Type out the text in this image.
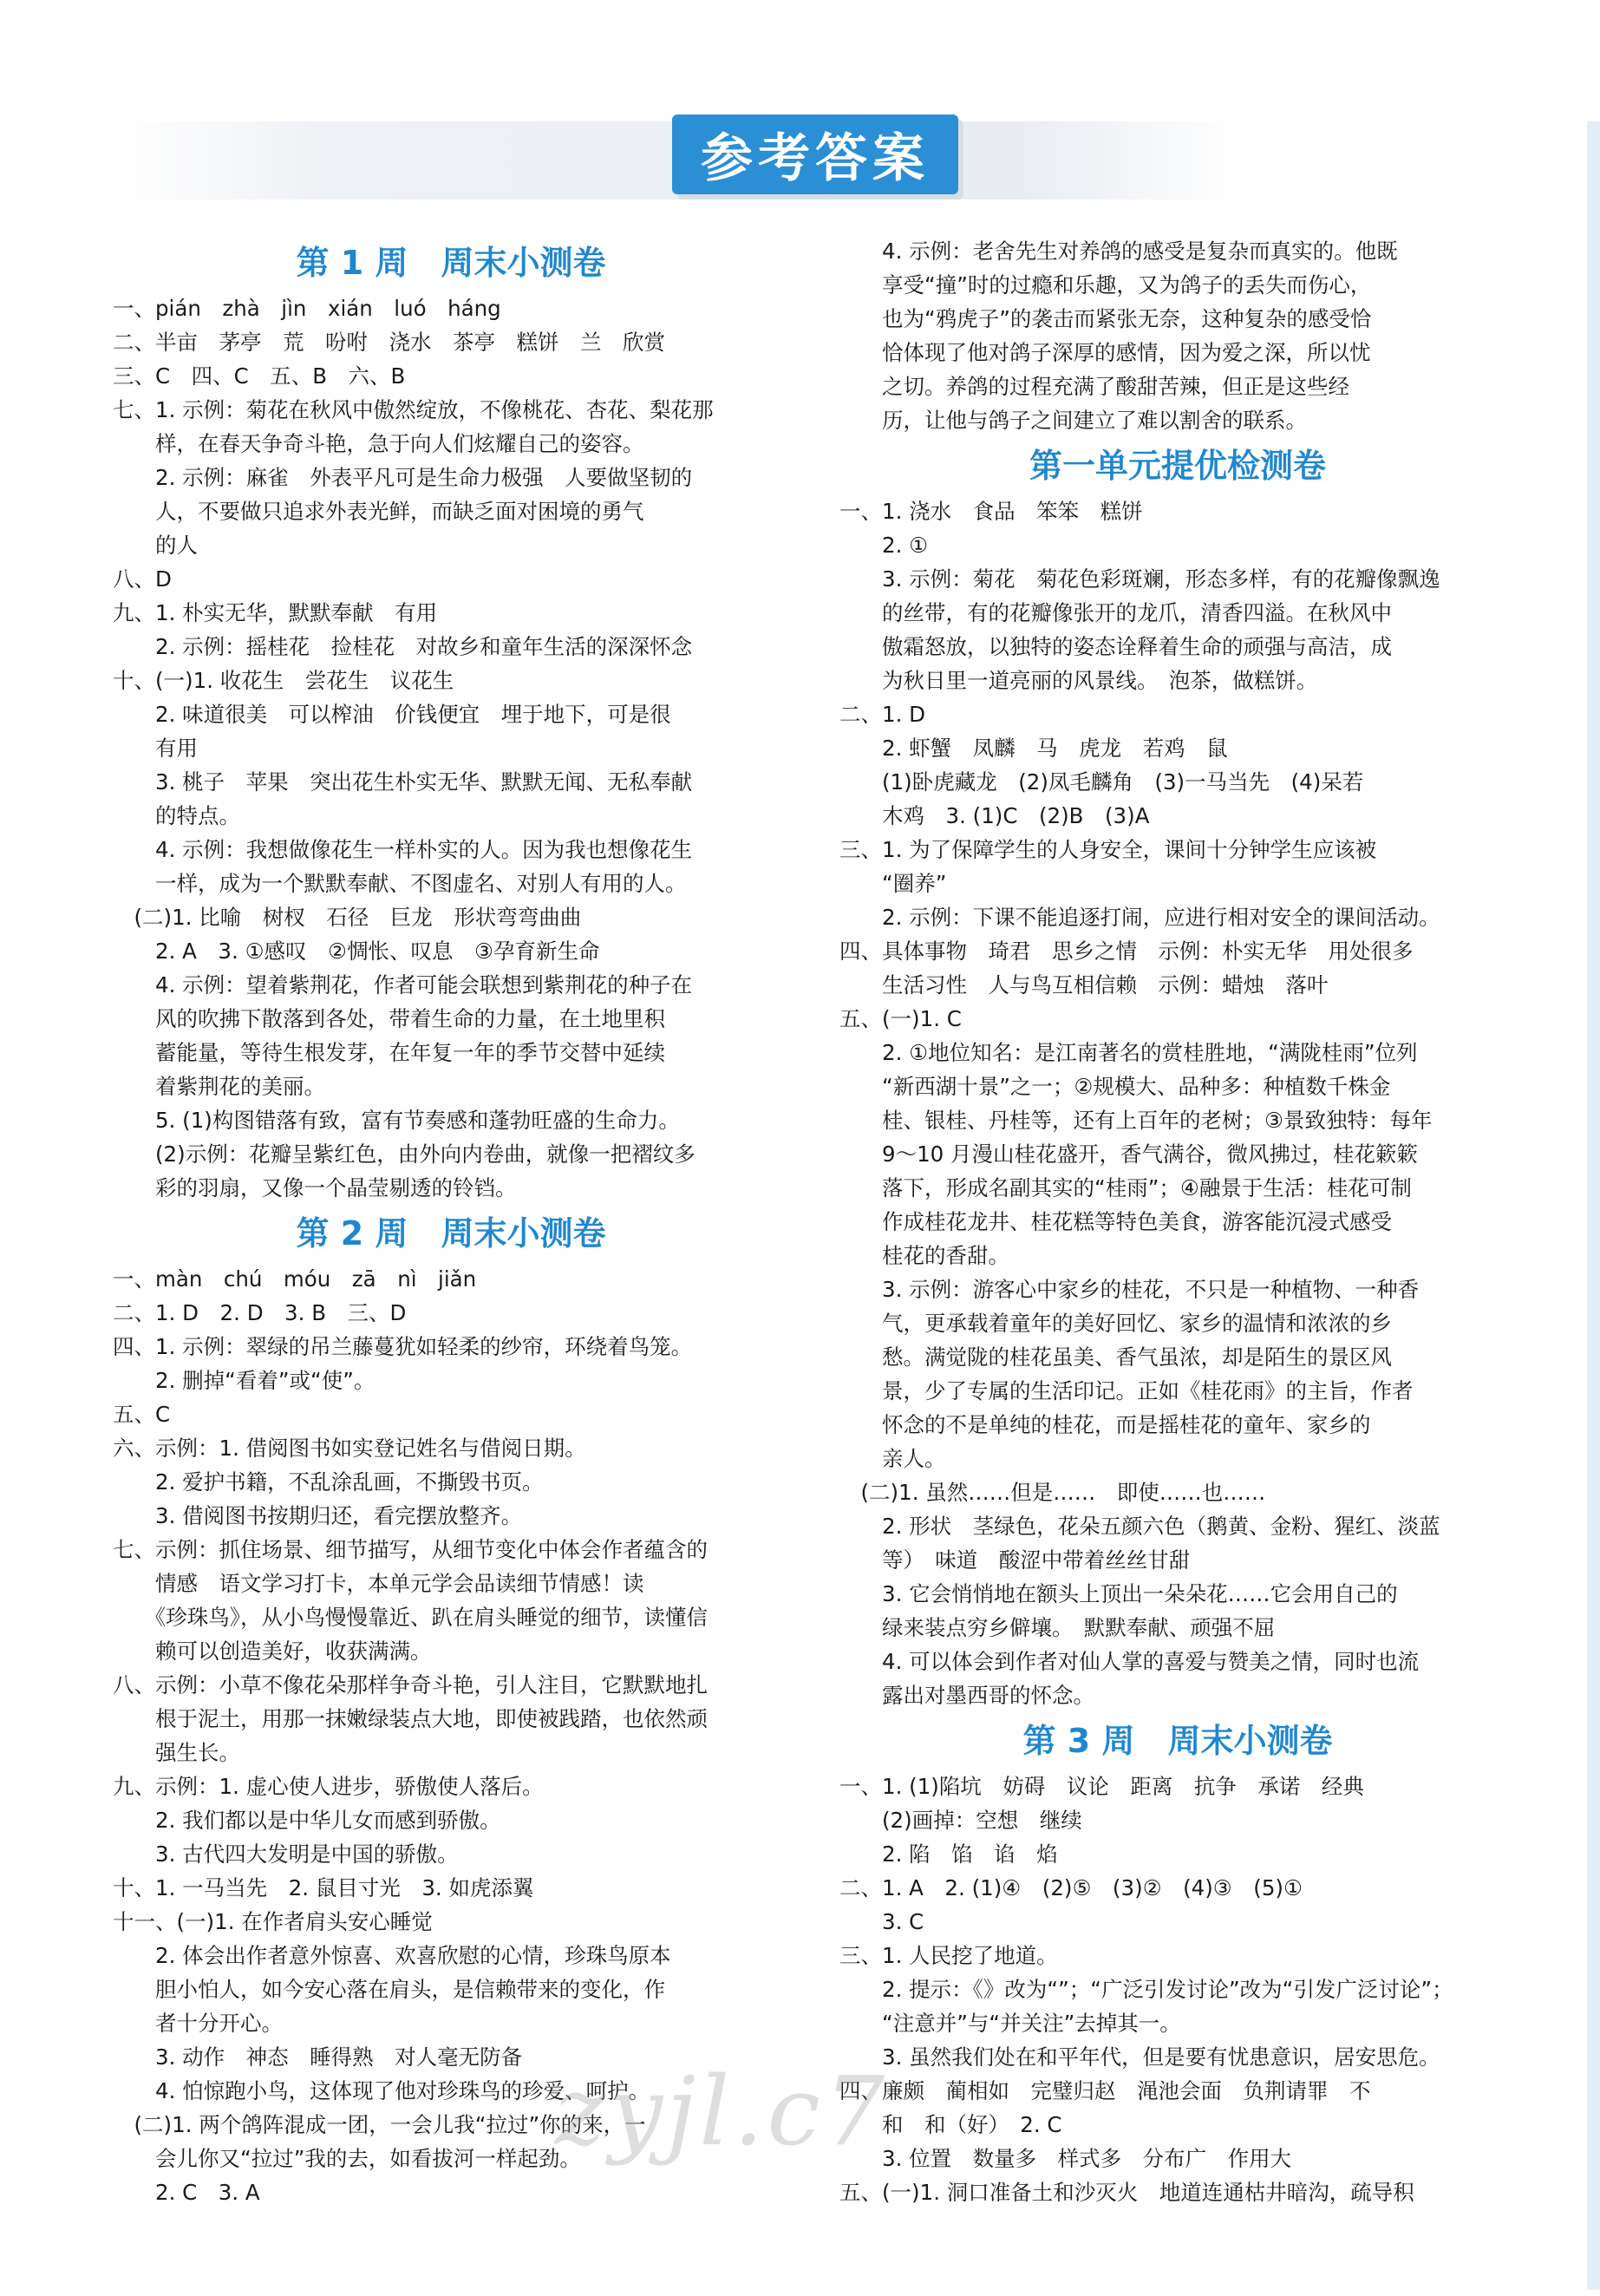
参考答案
第 1 周　周末小测卷
一、pián　zhà　jìn　xián　luó　háng
二、半亩　茅亭　荒　吩咐　浇水　茶亭　糕饼　兰　欣赏
三、C　四、C　五、B　六、B
七、1. 示例：菊花在秋风中傲然绽放，不像桃花、杏花、梨花那
　　样，在春天争奇斗艳，急于向人们炫耀自己的姿容。
　　2. 示例：麻雀　外表平凡可是生命力极强　人要做坚韧的
　　人，不要做只追求外表光鲜，而缺乏面对困境的勇气
　　的人
八、D
九、1. 朴实无华，默默奉献　有用
　　2. 示例：摇桂花　捡桂花　对故乡和童年生活的深深怀念
十、(一)1. 收花生　尝花生　议花生
　　2. 味道很美　可以榨油　价钱便宜　埋于地下，可是很
　　有用
　　3. 桃子　苹果　突出花生朴实无华、默默无闻、无私奉献
　　的特点。
　　4. 示例：我想做像花生一样朴实的人。因为我也想像花生
　　一样，成为一个默默奉献、不图虚名、对别人有用的人。
　(二)1. 比喻　树杈　石径　巨龙　形状弯弯曲曲
　　2. A　3. ①感叹　②惆怅、叹息　③孕育新生命
　　4. 示例：望着紫荆花，作者可能会联想到紫荆花的种子在
　　风的吹拂下散落到各处，带着生命的力量，在土地里积
　　蓄能量，等待生根发芽，在年复一年的季节交替中延续
　　着紫荆花的美丽。
　　5. (1)构图错落有致，富有节奏感和蓬勃旺盛的生命力。
　　(2)示例：花瓣呈紫红色，由外向内卷曲，就像一把褶纹多
　　彩的羽扇，又像一个晶莹剔透的铃铛。
第 2 周　周末小测卷
一、màn　chú　móu　zā　nì　jiǎn
二、1. D　2. D　3. B　三、D
四、1. 示例：翠绿的吊兰藤蔓犹如轻柔的纱帘，环绕着鸟笼。
　　2. 删掉“看着”或“使”。
五、C
六、示例：1. 借阅图书如实登记姓名与借阅日期。
　　2. 爱护书籍，不乱涂乱画，不撕毁书页。
　　3. 借阅图书按期归还，看完摆放整齐。
七、示例：抓住场景、细节描写，从细节变化中体会作者蕴含的
　　情感　语文学习打卡，本单元学会品读细节情感！读
　　《珍珠鸟》，从小鸟慢慢靠近、趴在肩头睡觉的细节，读懂信
　　赖可以创造美好，收获满满。
八、示例：小草不像花朵那样争奇斗艳，引人注目，它默默地扎
　　根于泥土，用那一抹嫩绿装点大地，即使被践踏，也依然顽
　　强生长。
九、示例：1. 虚心使人进步，骄傲使人落后。
　　2. 我们都以是中华儿女而感到骄傲。
　　3. 古代四大发明是中国的骄傲。
十、1. 一马当先　2. 鼠目寸光　3. 如虎添翼
十一、(一)1. 在作者肩头安心睡觉
　　2. 体会出作者意外惊喜、欢喜欣慰的心情，珍珠鸟原本
　　胆小怕人，如今安心落在肩头，是信赖带来的变化，作
　　者十分开心。
　　3. 动作　神态　睡得熟　对人毫无防备
　　4. 怕惊跑小鸟，这体现了他对珍珠鸟的珍爱、呵护。
　(二)1. 两个鸽阵混成一团，一会儿我“拉过”你的来，一
　　会儿你又“拉过”我的去，如看拔河一样起劲。
　　2. C　3. A
　　4. 示例：老舍先生对养鸽的感受是复杂而真实的。他既
　　享受“撞”时的过瘾和乐趣，又为鸽子的丢失而伤心，
　　也为“鸦虎子”的袭击而紧张无奈，这种复杂的感受恰
　　恰体现了他对鸽子深厚的感情，因为爱之深，所以忧
　　之切。养鸽的过程充满了酸甜苦辣，但正是这些经
　　历，让他与鸽子之间建立了难以割舍的联系。
第一单元提优检测卷
一、1. 浇水　食品　笨笨　糕饼
　　2. ①
　　3. 示例：菊花　菊花色彩斑斓，形态多样，有的花瓣像飘逸
　　的丝带，有的花瓣像张开的龙爪，清香四溢。在秋风中
　　傲霜怒放，以独特的姿态诠释着生命的顽强与高洁，成
　　为秋日里一道亮丽的风景线。　泡茶，做糕饼。
二、1. D
　　2. 虾蟹　凤麟　马　虎龙　若鸡　鼠
　　(1)卧虎藏龙　(2)凤毛麟角　(3)一马当先　(4)呆若
　　木鸡　3. (1)C　(2)B　(3)A
三、1. 为了保障学生的人身安全，课间十分钟学生应该被
　　“圈养”
　　2. 示例：下课不能追逐打闹，应进行相对安全的课间活动。
四、具体事物　琦君　思乡之情　示例：朴实无华　用处很多
　　生活习性　人与鸟互相信赖　示例：蜡烛　落叶
五、(一)1. C
　　2. ①地位知名：是江南著名的赏桂胜地，“满陇桂雨”位列
　　“新西湖十景”之一；②规模大、品种多：种植数千株金
　　桂、银桂、丹桂等，还有上百年的老树；③景致独特：每年
　　9～10 月漫山桂花盛开，香气满谷，微风拂过，桂花簌簌
　　落下，形成名副其实的“桂雨”；④融景于生活：桂花可制
　　作成桂花龙井、桂花糕等特色美食，游客能沉浸式感受
　　桂花的香甜。
　　3. 示例：游客心中家乡的桂花，不只是一种植物、一种香
　　气，更承载着童年的美好回忆、家乡的温情和浓浓的乡
　　愁。满觉陇的桂花虽美、香气虽浓，却是陌生的景区风
　　景，少了专属的生活印记。正如《桂花雨》的主旨，作者
　　怀念的不是单纯的桂花，而是摇桂花的童年、家乡的
　　亲人。
　(二)1. 虽然……但是……　即使……也……
　　2. 形状　茎绿色，花朵五颜六色（鹅黄、金粉、猩红、淡蓝
　　等）　味道　酸涩中带着丝丝甘甜
　　3. 它会悄悄地在额头上顶出一朵朵花……它会用自己的
　　绿来装点穷乡僻壤。　默默奉献、顽强不屈
　　4. 可以体会到作者对仙人掌的喜爱与赞美之情，同时也流
　　露出对墨西哥的怀念。
第 3 周　周末小测卷
一、1. (1)陷坑　妨碍　议论　距离　抗争　承诺　经典
　　(2)画掉：空想　继续
　　2. 陷　馅　谄　焰
二、1. A　2. (1)④　(2)⑤　(3)②　(4)③　(5)①
　　3. C
三、1. 人民挖了地道。
　　2. 提示：《》改为“”；“广泛引发讨论”改为“引发广泛讨论”；
　　“注意并”与“并关注”去掉其一。
　　3. 虽然我们处在和平年代，但是要有忧患意识，居安思危。
四、廉颇　蔺相如　完璧归赵　渑池会面　负荆请罪　不
　　和　和（好）　2. C
　　3. 位置　数量多　样式多　分布广　作用大
五、(一)1. 洞口准备土和沙灭火　地道连通枯井暗沟，疏导积
zyjl.c7
